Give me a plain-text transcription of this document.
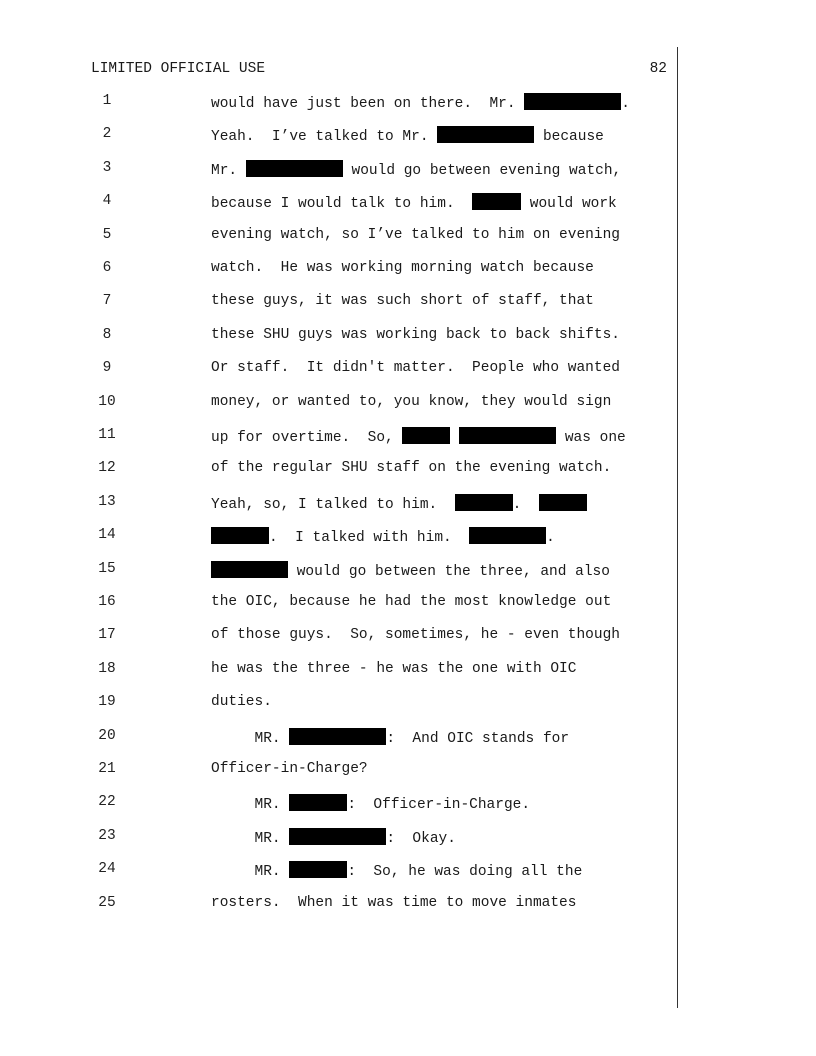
LIMITED OFFICIAL USE	82
1	would have just been on there.  Mr.	.
2	Yeah.  I’ve talked to Mr.	because
3	Mr.	would go between evening watch,
4	because I would talk to him.	would work
5	evening watch, so I’ve talked to him on evening
6	watch.  He was working morning watch because
7	these guys, it was such short of staff, that
8	these SHU guys was working back to back shifts.
9	Or staff.  It didn't matter.  People who wanted
10	money, or wanted to, you know, they would sign
11	up for overtime.  So,	was one
12	of the regular SHU staff on the evening watch.
13	Yeah, so, I talked to him.	.
14	.  I talked with him.	.
15	would go between the three, and also
16	the OIC, because he had the most knowledge out
17	of those guys.  So, sometimes, he - even though
18	he was the three - he was the one with OIC
19	duties.
20	MR.	:  And OIC stands for
21	Officer-in-Charge?
22	MR.	:  Officer-in-Charge.
23	MR.	:  Okay.
24	MR.	:  So, he was doing all the
25	rosters.  When it was time to move inmates
